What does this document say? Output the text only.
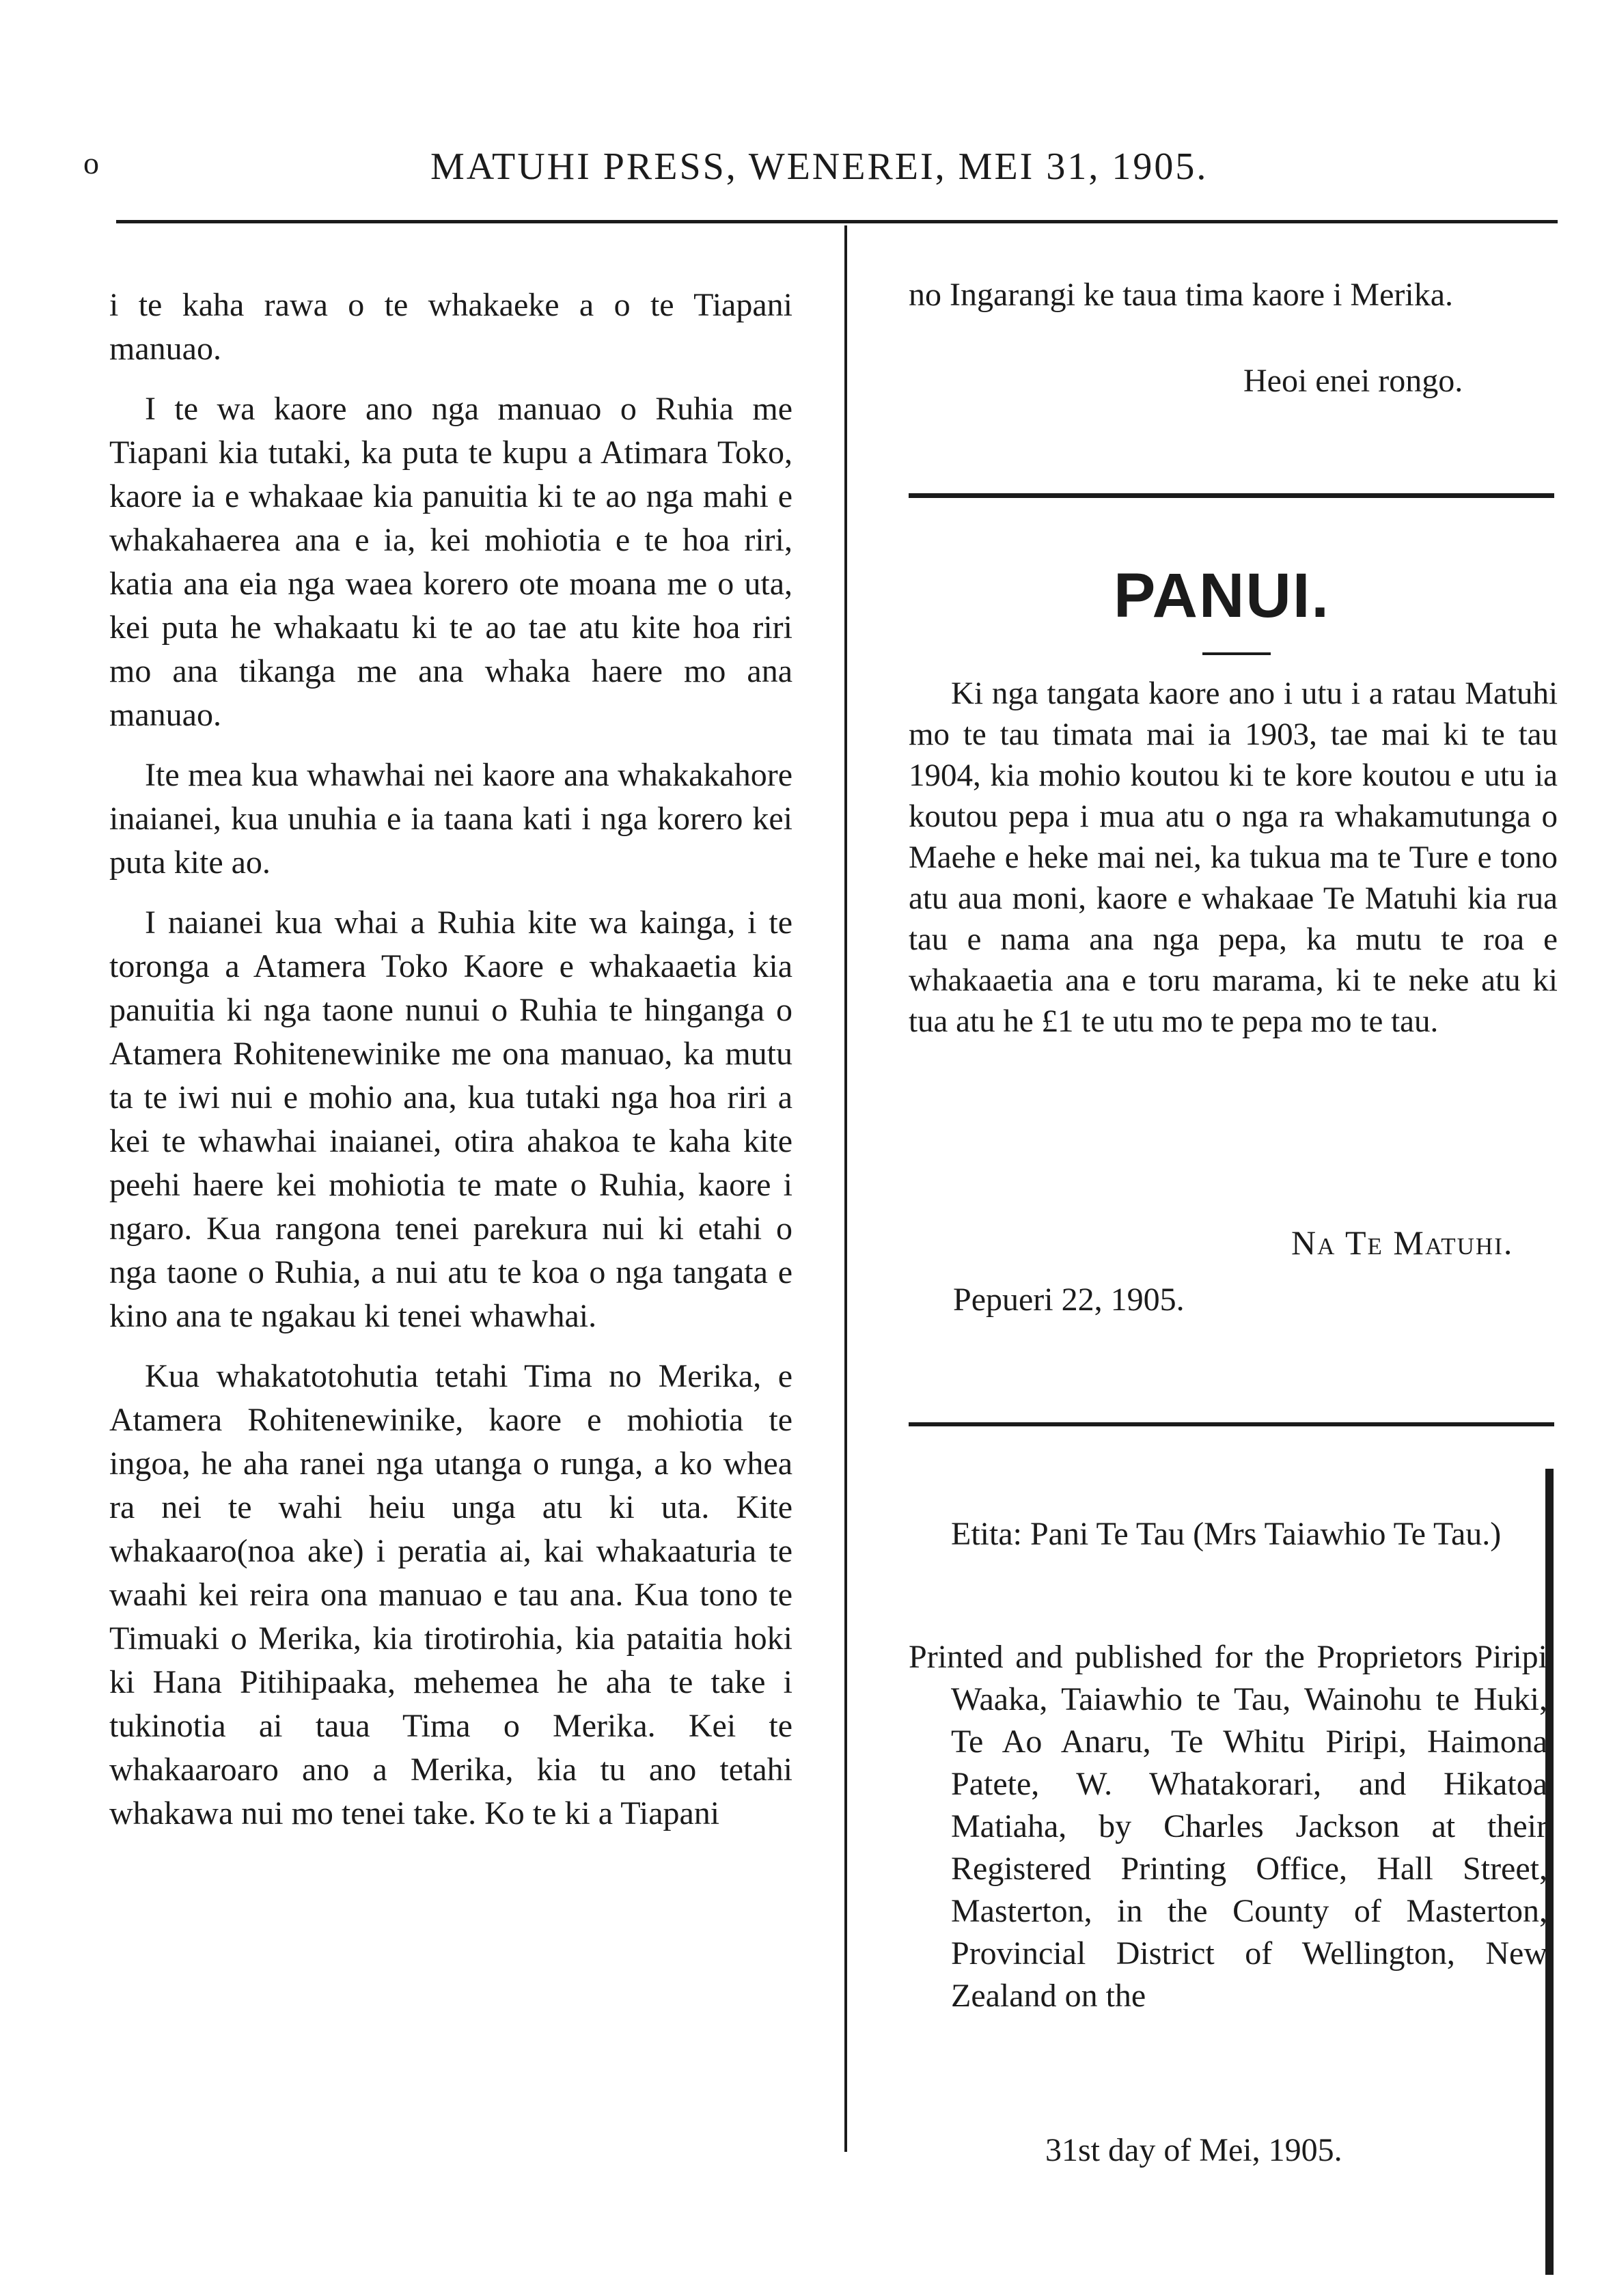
o	MATUHI PRESS, WENEREI, MEI 31, 1905.

i te kaha rawa o te whakaeke a o te Tiapani manuao.

I te wa kaore ano nga manuao o Ruhia me Tiapani kia tutaki, ka puta te kupu a Atimara Toko, kaore ia e whakaae kia panuitia ki te ao nga mahi e whakahaerea ana e ia, kei mohiotia e te hoa riri, katia ana eia nga waea korero ote moana me o uta, kei puta he whakaatu ki te ao tae atu kite hoa riri mo ana tikanga me ana whaka haere mo ana manuao.

Ite mea kua whawhai nei kaore ana whakakahore inaianei, kua unuhia e ia taana kati i nga korero kei puta kite ao.

I naianei kua whai a Ruhia kite wa kainga, i te toronga a Atamera Toko Kaore e whakaaetia kia panuitia ki nga taone nunui o Ruhia te hinganga o Atamera Rohitenewinike me ona manuao, ka mutu ta te iwi nui e mohio ana, kua tutaki nga hoa riri a kei te whawhai inaianei, otira ahakoa te kaha kite peehi haere kei mohiotia te mate o Ruhia, kaore i ngaro. Kua rangona tenei parekura nui ki etahi o nga taone o Ruhia, a nui atu te koa o nga tangata e kino ana te ngakau ki tenei whawhai.

Kua whakatotohutia tetahi Tima no Merika, e Atamera Rohitenewinike, kaore e mohiotia te ingoa, he aha ranei nga utanga o runga, a ko whea ra nei te wahi heiu unga atu ki uta. Kite whakaaro(noa ake) i peratia ai, kai whakaaturia te waahi kei reira ona manuao e tau ana. Kua tono te Timuaki o Merika, kia tirotirohia, kia pataitia hoki ki Hana Pitihipaaka, mehemea he aha te take i tukinotia ai taua Tima o Merika. Kei te whakaaroaro ano a Merika, kia tu ano tetahi whakawa nui mo tenei take. Ko te ki a Tiapani

no Ingarangi ke taua tima kaore i Merika.
Heoi enei rongo.
PANUI.
Ki nga tangata kaore ano i utu i a ratau Matuhi mo te tau timata mai ia 1903, tae mai ki te tau 1904, kia mohio koutou ki te kore koutou e utu ia koutou pepa i mua atu o nga ra whakamutunga o Maehe e heke mai nei, ka tukua ma te Ture e tono atu aua moni, kaore e whakaae Te Matuhi kia rua tau e nama ana nga pepa, ka mutu te roa e whakaaetia ana e toru marama, ki te neke atu ki tua atu he £1 te utu mo te pepa mo te tau.
Na Te Matuhi.
Pepueri 22, 1905.
Etita: Pani Te Tau (Mrs Taiawhio Te Tau.)
Printed and published for the Proprietors Piripi Waaka, Taiawhio te Tau, Wainohu te Huki, Te Ao Anaru, Te Whitu Piripi, Haimona Patete, W. Whatakorari, and Hikatoa Matiaha, by Charles Jackson at their Registered Printing Office, Hall Street, Masterton, in the County of Masterton, Provincial District of Wellington, New Zealand on the
31st day of Mei, 1905.
